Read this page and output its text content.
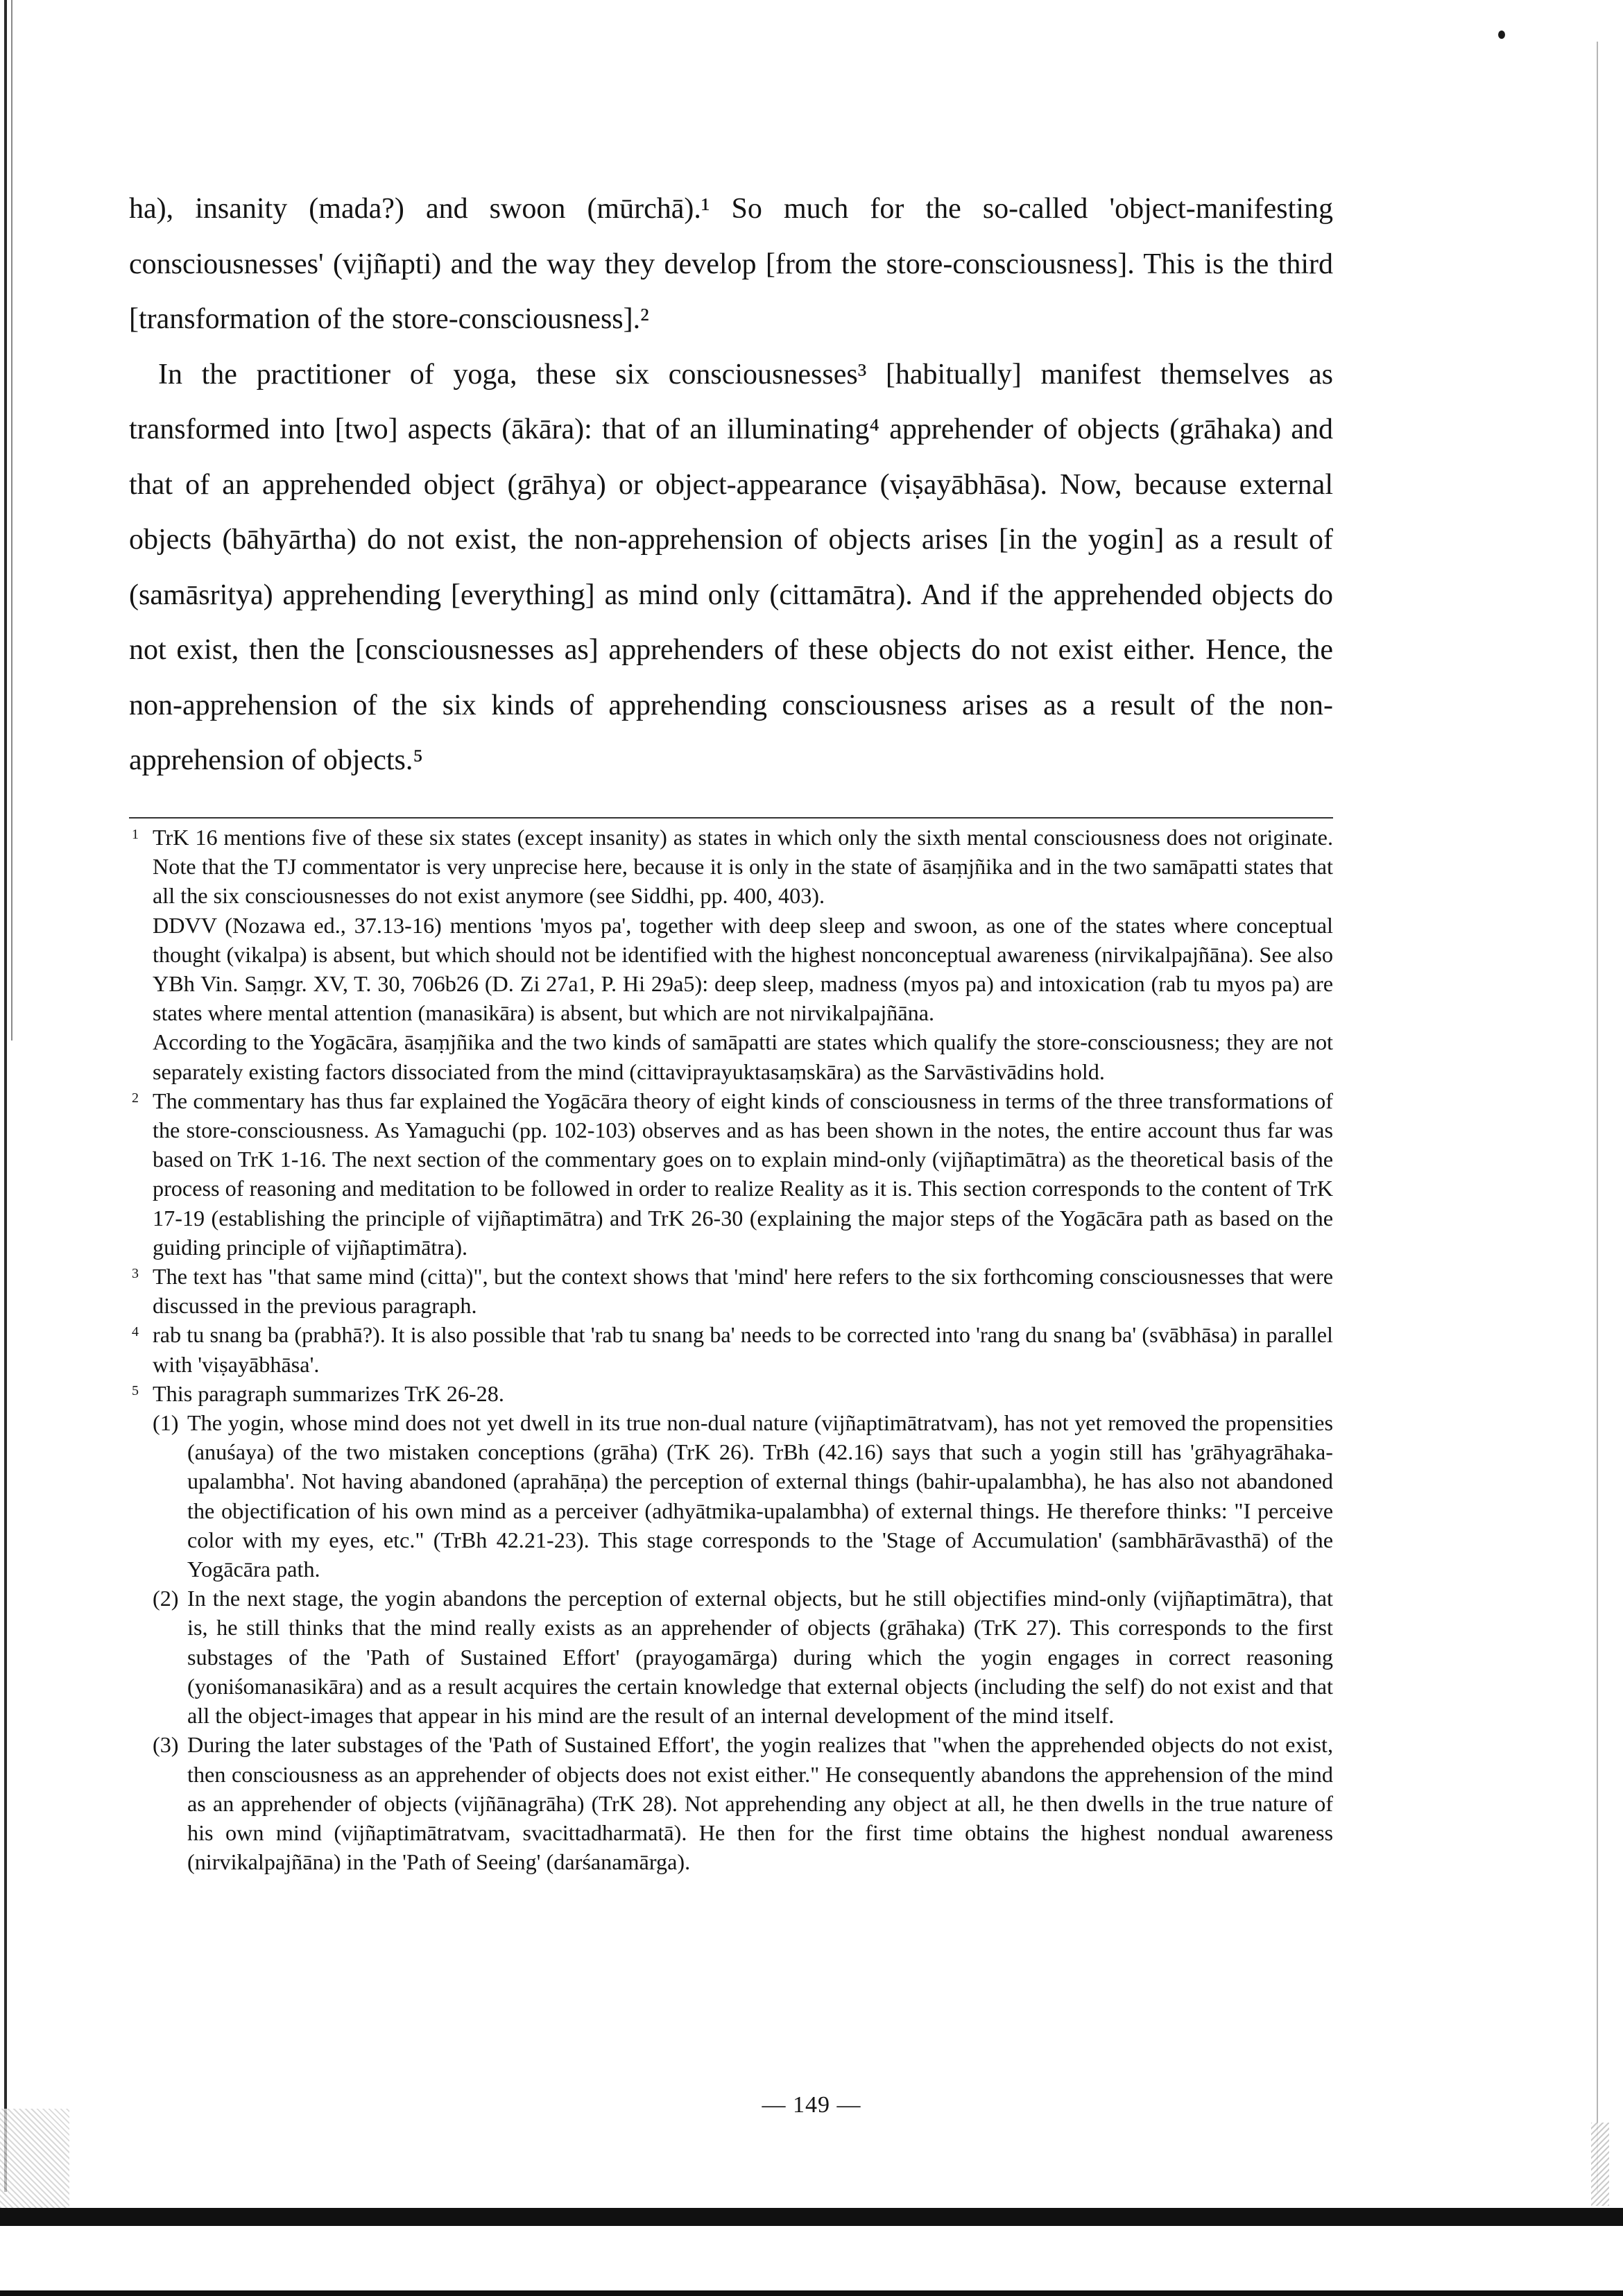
ha), insanity (mada?) and swoon (mūrchā).¹ So much for the so-called 'object-manifesting consciousnesses' (vijñapti) and the way they develop [from the store-consciousness]. This is the third [transformation of the store-consciousness].²

In the practitioner of yoga, these six consciousnesses³ [habitually] manifest themselves as transformed into [two] aspects (ākāra): that of an illuminating⁴ apprehender of objects (grāhaka) and that of an apprehended object (grāhya) or object-appearance (viṣayābhāsa). Now, because external objects (bāhyārtha) do not exist, the non-apprehension of objects arises [in the yogin] as a result of (samāsritya) apprehending [everything] as mind only (cittamātra). And if the apprehended objects do not exist, then the [consciousnesses as] apprehenders of these objects do not exist either. Hence, the non-apprehension of the six kinds of apprehending consciousness arises as a result of the non-apprehension of objects.⁵

1 TrK 16 mentions five of these six states (except insanity) as states in which only the sixth mental consciousness does not originate. Note that the TJ commentator is very unprecise here, because it is only in the state of āsaṃjñika and in the two samāpatti states that all the six consciousnesses do not exist anymore (see Siddhi, pp. 400, 403).

DDVV (Nozawa ed., 37.13-16) mentions 'myos pa', together with deep sleep and swoon, as one of the states where conceptual thought (vikalpa) is absent, but which should not be identified with the highest nonconceptual awareness (nirvikalpajñāna). See also YBh Vin. Saṃgr. XV, T. 30, 706b26 (D. Zi 27a1, P. Hi 29a5): deep sleep, madness (myos pa) and intoxication (rab tu myos pa) are states where mental attention (manasikāra) is absent, but which are not nirvikalpajñāna.

According to the Yogācāra, āsaṃjñika and the two kinds of samāpatti are states which qualify the store-consciousness; they are not separately existing factors dissociated from the mind (cittaviprayuktasaṃskāra) as the Sarvāstivādins hold.

2 The commentary has thus far explained the Yogācāra theory of eight kinds of consciousness in terms of the three transformations of the store-consciousness. As Yamaguchi (pp. 102-103) observes and as has been shown in the notes, the entire account thus far was based on TrK 1-16. The next section of the commentary goes on to explain mind-only (vijñaptimātra) as the theoretical basis of the process of reasoning and meditation to be followed in order to realize Reality as it is. This section corresponds to the content of TrK 17-19 (establishing the principle of vijñaptimātra) and TrK 26-30 (explaining the major steps of the Yogācāra path as based on the guiding principle of vijñaptimātra).

3 The text has "that same mind (citta)", but the context shows that 'mind' here refers to the six forthcoming consciousnesses that were discussed in the previous paragraph.

4 rab tu snang ba (prabhā?). It is also possible that 'rab tu snang ba' needs to be corrected into 'rang du snang ba' (svābhāsa) in parallel with 'viṣayābhāsa'.

5 This paragraph summarizes TrK 26-28.

(1) The yogin, whose mind does not yet dwell in its true non-dual nature (vijñaptimātratvam), has not yet removed the propensities (anuśaya) of the two mistaken conceptions (grāha) (TrK 26). TrBh (42.16) says that such a yogin still has 'grāhyagrāhaka-upalambha'. Not having abandoned (aprahāṇa) the perception of external things (bahir-upalambha), he has also not abandoned the objectification of his own mind as a perceiver (adhyātmika-upalambha) of external things. He therefore thinks: "I perceive color with my eyes, etc." (TrBh 42.21-23). This stage corresponds to the 'Stage of Accumulation' (sambhārāvasthā) of the Yogācāra path.

(2) In the next stage, the yogin abandons the perception of external objects, but he still objectifies mind-only (vijñaptimātra), that is, he still thinks that the mind really exists as an apprehender of objects (grāhaka) (TrK 27). This corresponds to the first substages of the 'Path of Sustained Effort' (prayogamārga) during which the yogin engages in correct reasoning (yoniśomanasikāra) and as a result acquires the certain knowledge that external objects (including the self) do not exist and that all the object-images that appear in his mind are the result of an internal development of the mind itself.

(3) During the later substages of the 'Path of Sustained Effort', the yogin realizes that "when the apprehended objects do not exist, then consciousness as an apprehender of objects does not exist either." He consequently abandons the apprehension of the mind as an apprehender of objects (vijñānagrāha) (TrK 28). Not apprehending any object at all, he then dwells in the true nature of his own mind (vijñaptimātratvam, svacittadharmatā). He then for the first time obtains the highest nondual awareness (nirvikalpajñāna) in the 'Path of Seeing' (darśanamārga).

— 149 —
